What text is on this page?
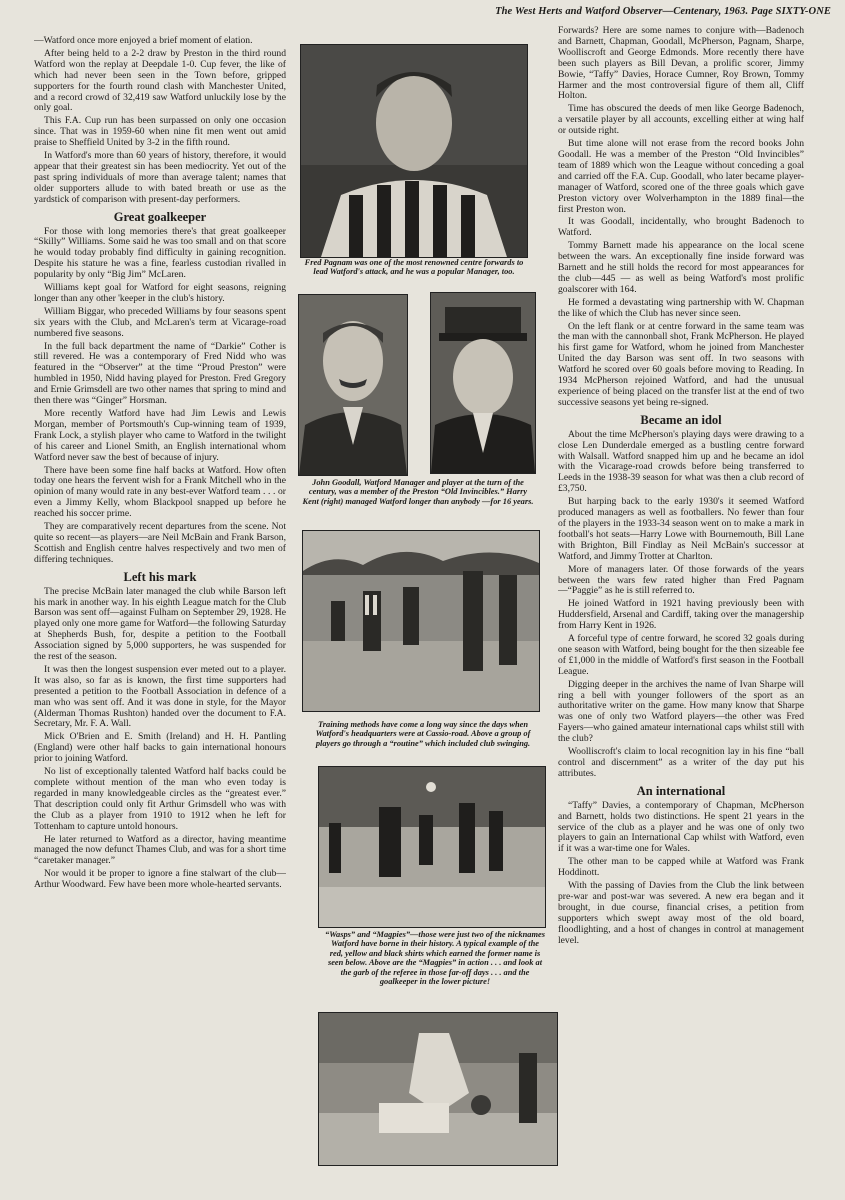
The West Herts and Watford Observer—Centenary, 1963. Page SIXTY-ONE

—Watford once more enjoyed a brief moment of elation.

After being held to a 2-2 draw by Preston in the third round Watford won the replay at Deepdale 1-0. Cup fever, the like of which had never been seen in the Town before, gripped supporters for the fourth round clash with Manchester United, and a record crowd of 32,419 saw Watford unluckily lose by the only goal.

This F.A. Cup run has been surpassed on only one occasion since. That was in 1959-60 when nine fit men went out amid praise to Sheffield United by 3-2 in the fifth round.

In Watford's more than 60 years of history, therefore, it would appear that their greatest sin has been mediocrity. Yet out of the past spring individuals of more than average talent; names that older supporters allude to with bated breath or use as the yardstick of comparison with present-day performers.

Great goalkeeper

For those with long memories there's that great goalkeeper “Skilly” Williams. Some said he was too small and on that score he would today probably find difficulty in gaining recognition. Despite his stature he was a fine, fearless custodian rivalled in popularity by only “Big Jim” McLaren.

Williams kept goal for Watford for eight seasons, reigning longer than any other 'keeper in the club's history.

William Biggar, who preceded Williams by four seasons spent six years with the Club, and McLaren's term at Vicarage-road numbered five seasons.

In the full back department the name of “Darkie” Cother is still revered. He was a contemporary of Fred Nidd who was featured in the “Observer” at the time “Proud Preston” were humbled in 1950, Nidd having played for Preston. Fred Gregory and Ernie Grimsdell are two other names that spring to mind and then there was “Ginger” Horsman.

More recently Watford have had Jim Lewis and Lewis Morgan, member of Portsmouth's Cup-winning team of 1939, Frank Lock, a stylish player who came to Watford in the twilight of his career and Lionel Smith, an English international whom Watford never saw the best of because of injury.

There have been some fine half backs at Watford. How often today one hears the fervent wish for a Frank Mitchell who in the opinion of many would rate in any best-ever Watford team . . . or even a Jimmy Kelly, whom Blackpool snapped up before he reached his soccer prime.

They are comparatively recent departures from the scene. Not quite so recent—as players—are Neil McBain and Frank Barson, Scottish and English centre halves respectively and two men of differing techniques.

Left his mark

The precise McBain later managed the club while Barson left his mark in another way. In his eighth League match for the Club Barson was sent off—against Fulham on September 29, 1928. He played only one more game for Watford—the following Saturday at Shepherds Bush, for, despite a petition to the Football Association signed by 5,000 supporters, he was suspended for the rest of the season.

It was then the longest suspension ever meted out to a player. It was also, so far as is known, the first time supporters had presented a petition to the Football Association in defence of a man who was sent off. And it was done in style, for the Mayor (Alderman Thomas Rushton) handed over the document to F.A. Secretary, Mr. F. A. Wall.

Mick O'Brien and E. Smith (Ireland) and H. H. Pantling (England) were other half backs to gain international honours prior to joining Watford.

No list of exceptionally talented Watford half backs could be complete without mention of the man who even today is regarded in many knowledgeable circles as the “greatest ever.” That description could only fit Arthur Grimsdell who was with the Club as a player from 1910 to 1912 when he left for Tottenham to capture untold honours.

He later returned to Watford as a director, having meantime managed the now defunct Thames Club, and was for a short time “caretaker manager.”

Nor would it be proper to ignore a fine stalwart of the club—Arthur Woodward. Few have been more whole-hearted servants.

Fred Pagnam was one of the most renowned centre forwards to lead Watford's attack, and he was a popular Manager, too.
John Goodall, Watford Manager and player at the turn of the century, was a member of the Preston “Old Invincibles.” Harry Kent (right) managed Watford longer than anybody —for 16 years.
Training methods have come a long way since the days when Watford's headquarters were at Cassio-road. Above a group of players go through a “routine” which included club swinging.
“Wasps” and “Magpies”—those were just two of the nicknames Watford have borne in their history. A typical example of the red, yellow and black shirts which earned the former name is seen below. Above are the “Magpies” in action . . . and look at the garb of the referee in those far-off days . . . and the goalkeeper in the lower picture!

Forwards? Here are some names to conjure with—Badenoch and Barnett, Chapman, Goodall, McPherson, Pagnam, Sharpe, Woolliscroft and George Edmonds. More recently there have been such players as Bill Devan, a prolific scorer, Jimmy Bowie, “Taffy” Davies, Horace Cumner, Roy Brown, Tommy Harmer and the most controversial figure of them all, Cliff Holton.

Time has obscured the deeds of men like George Badenoch, a versatile player by all accounts, excelling either at wing half or outside right.

But time alone will not erase from the record books John Goodall. He was a member of the Preston “Old Invincibles” team of 1889 which won the League without conceding a goal and carried off the F.A. Cup. Goodall, who later became player-manager of Watford, scored one of the three goals which gave Preston victory over Wolverhampton in the 1889 final—the first Preston won.

It was Goodall, incidentally, who brought Badenoch to Watford.

Tommy Barnett made his appearance on the local scene between the wars. An exceptionally fine inside forward was Barnett and he still holds the record for most appearances for the club—445 — as well as being Watford's most prolific goalscorer with 164.

He formed a devastating wing partnership with W. Chapman the like of which the Club has never since seen.

On the left flank or at centre forward in the same team was the man with the cannonball shot, Frank McPherson. He played his first game for Watford, whom he joined from Manchester United the day Barson was sent off. In two seasons with Watford he scored over 60 goals before moving to Reading. In 1934 McPherson rejoined Watford, and had the unusual experience of being placed on the transfer list at the end of two successive seasons yet being re-signed.

Became an idol

About the time McPherson's playing days were drawing to a close Len Dunderdale emerged as a bustling centre forward with Walsall. Watford snapped him up and he became an idol with the Vicarage-road crowds before being transferred to Leeds in the 1938-39 season for what was then a club record of £3,750.

But harping back to the early 1930's it seemed Watford produced managers as well as footballers. No fewer than four of the players in the 1933-34 season went on to make a mark in football's hot seats—Harry Lowe with Bournemouth, Bill Lane with Brighton, Bill Findlay as Neil McBain's successor at Watford, and Jimmy Trotter at Charlton.

More of managers later. Of those forwards of the years between the wars few rated higher than Fred Pagnam—“Paggie” as he is still referred to.

He joined Watford in 1921 having previously been with Huddersfield, Arsenal and Cardiff, taking over the managership from Harry Kent in 1926.

A forceful type of centre forward, he scored 32 goals during one season with Watford, being bought for the then sizeable fee of £1,000 in the middle of Watford's first season in the Football League.

Digging deeper in the archives the name of Ivan Sharpe will ring a bell with younger followers of the sport as an authoritative writer on the game. How many know that Sharpe was one of only two Watford players—the other was Fred Fayers—who gained amateur international caps whilst still with the club?

Woolliscroft's claim to local recognition lay in his fine “ball control and discernment” as a writer of the day put his attributes.

An international

“Taffy” Davies, a contemporary of Chapman, McPherson and Barnett, holds two distinctions. He spent 21 years in the service of the club as a player and he was one of only two players to gain an International Cap whilst with Watford, even if it was a war-time one for Wales.

The other man to be capped while at Watford was Frank Hoddinott.

With the passing of Davies from the Club the link between pre-war and post-war was severed. A new era began and it brought, in due course, financial crises, a petition from supporters which swept away most of the old board, floodlighting, and a host of changes in control at management level.
